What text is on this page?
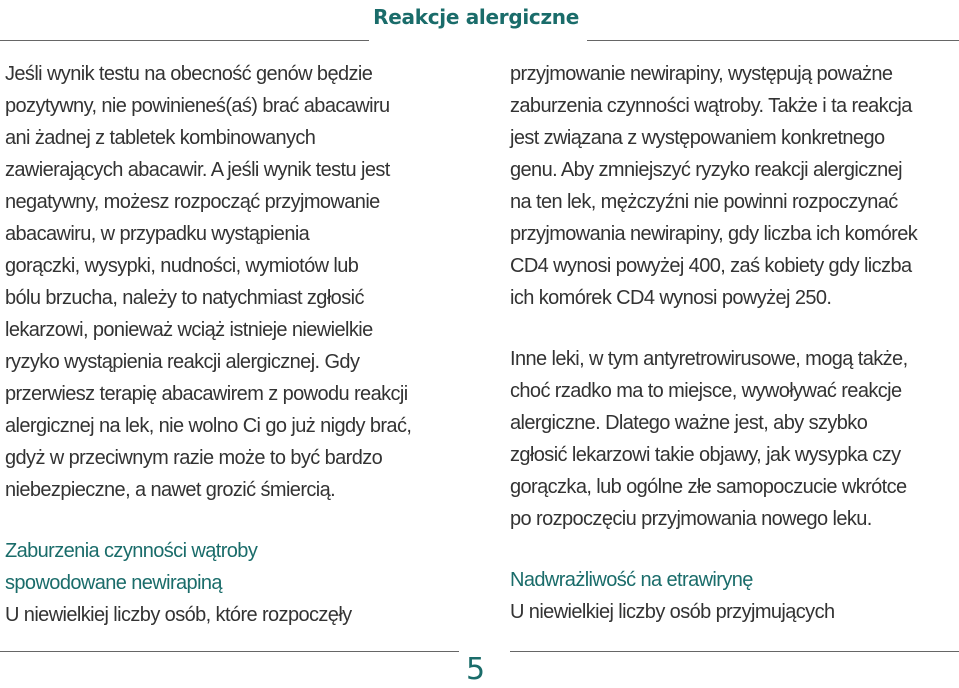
Reakcje alergiczne

Jeśli wynik testu na obecność genów będzie
pozytywny, nie powinieneś(aś) brać abacawiru
ani żadnej z tabletek kombinowanych
zawierających abacawir. A jeśli wynik testu jest
negatywny, możesz rozpocząć przyjmowanie
abacawiru, w przypadku wystąpienia
gorączki, wysypki, nudności, wymiotów lub
bólu brzucha, należy to natychmiast zgłosić
lekarzowi, ponieważ wciąż istnieje niewielkie
ryzyko wystąpienia reakcji alergicznej. Gdy
przerwiesz terapię abacawirem z powodu reakcji
alergicznej na lek, nie wolno Ci go już nigdy brać,
gdyż w przeciwnym razie może to być bardzo
niebezpieczne, a nawet grozić śmiercią.

Zaburzenia czynności wątroby
spowodowane newirapiną

U niewielkiej liczby osób, które rozpoczęły

przyjmowanie newirapiny, występują poważne
zaburzenia czynności wątroby. Także i ta reakcja
jest związana z występowaniem konkretnego
genu. Aby zmniejszyć ryzyko reakcji alergicznej
na ten lek, mężczyźni nie powinni rozpoczynać
przyjmowania newirapiny, gdy liczba ich komórek
CD4 wynosi powyżej 400, zaś kobiety gdy liczba
ich komórek CD4 wynosi powyżej 250.

Inne leki, w tym antyretrowirusowe, mogą także,
choć rzadko ma to miejsce, wywoływać reakcje
alergiczne. Dlatego ważne jest, aby szybko
zgłosić lekarzowi takie objawy, jak wysypka czy
gorączka, lub ogólne złe samopoczucie wkrótce
po rozpoczęciu przyjmowania nowego leku.

Nadwrażliwość na etrawirynę

U niewielkiej liczby osób przyjmujących

5
